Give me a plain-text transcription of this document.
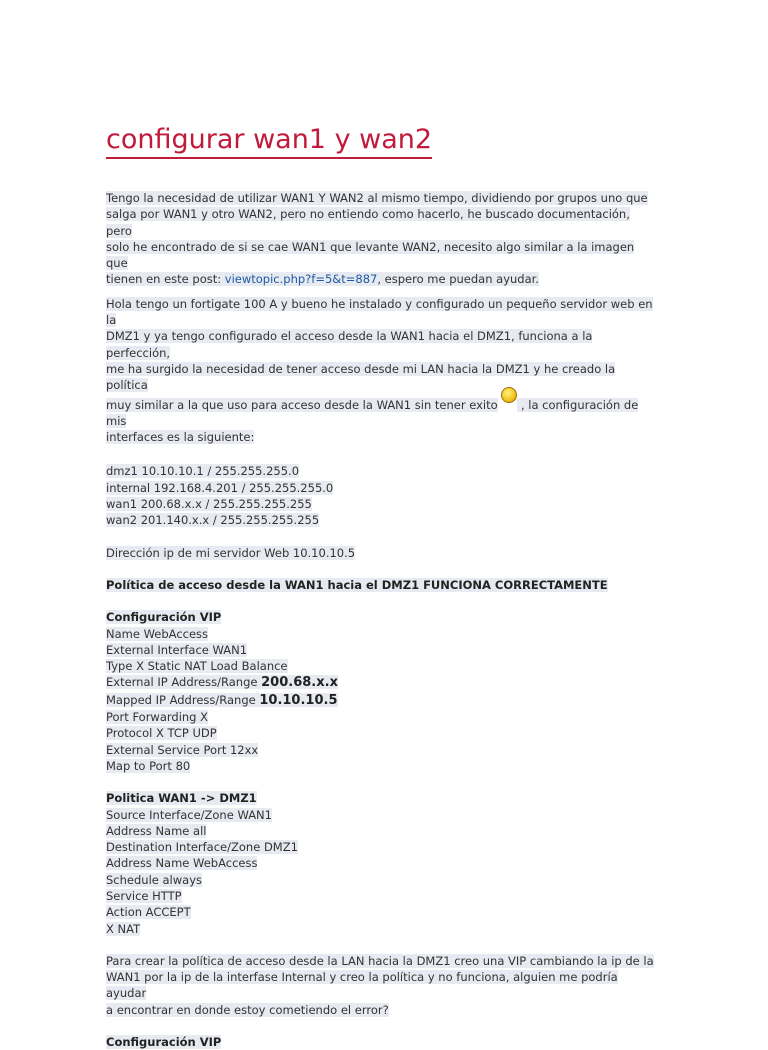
configurar wan1 y wan2

Tengo la necesidad de utilizar WAN1 Y WAN2 al mismo tiempo, dividiendo por grupos uno que
salga por WAN1 y otro WAN2, pero no entiendo como hacerlo, he buscado documentación, pero
solo he encontrado de si se cae WAN1 que levante WAN2, necesito algo similar a la imagen que
tienen en este post: viewtopic.php?f=5&t=887, espero me puedan ayudar.

Hola tengo un fortigate 100 A y bueno he instalado y configurado un pequeño servidor web en la
DMZ1 y ya tengo configurado el acceso desde la WAN1 hacia el DMZ1, funciona a la perfección,
me ha surgido la necesidad de tener acceso desde mi LAN hacia la DMZ1 y he creado la política
muy similar a la que uso para acceso desde la WAN1 sin tener exito  , la configuración de mis
interfaces es la siguiente:

dmz1 10.10.10.1 / 255.255.255.0
internal 192.168.4.201 / 255.255.255.0
wan1 200.68.x.x / 255.255.255.255
wan2 201.140.x.x / 255.255.255.255

Dirección ip de mi servidor Web 10.10.10.5

Política de acceso desde la WAN1 hacia el DMZ1 FUNCIONA CORRECTAMENTE

Configuración VIP
Name WebAccess
External Interface WAN1
Type X Static NAT Load Balance
External IP Address/Range 200.68.x.x
Mapped IP Address/Range 10.10.10.5
Port Forwarding X
Protocol X TCP UDP
External Service Port 12xx
Map to Port 80

Politica WAN1 -> DMZ1
Source Interface/Zone WAN1
Address Name all
Destination Interface/Zone DMZ1
Address Name WebAccess
Schedule always
Service HTTP
Action ACCEPT
X NAT

Para crear la política de acceso desde la LAN hacia la DMZ1 creo una VIP cambiando la ip de la
WAN1 por la ip de la interfase Internal y creo la política y no funciona, alguien me podría ayudar
a encontrar en donde estoy cometiendo el error?

Configuración VIP
